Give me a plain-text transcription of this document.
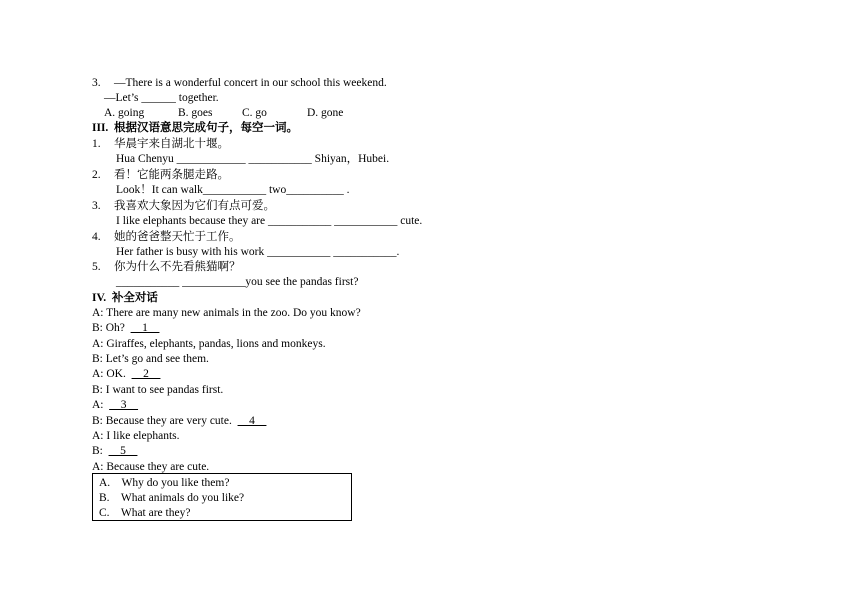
3. —There is a wonderful concert in our school this weekend.
—Let’s ______ together.
A. going	B. goes	C. go	D. gone
III.  根据汉语意思完成句子，每空一词。
1. 华晨宇来自湖北十堰。
Hua Chenyu ____________ ___________ Shiyan，Hubei.
2. 看！它能两条腿走路。
Look！It can walk___________ two__________ .
3. 我喜欢大象因为它们有点可爱。
I like elephants because they are ___________ ___________ cute.
4. 她的爸爸整天忙于工作。
Her father is busy with his work ___________ ___________.
5. 你为什么不先看熊猫啊？
___________ ___________you see the pandas first?
IV.  补全对话
A: There are many new animals in the zoo. Do you know?
B: Oh?  __1__
A: Giraffes, elephants, pandas, lions and monkeys.
B: Let’s go and see them.
A: OK.  __2__
B: I want to see pandas first.
A:  __3__
B: Because they are very cute.  __4__
A: I like elephants.
B:  __5__
A: Because they are cute.
A.    Why do you like them?
B.    What animals do you like?
C.    What are they?
